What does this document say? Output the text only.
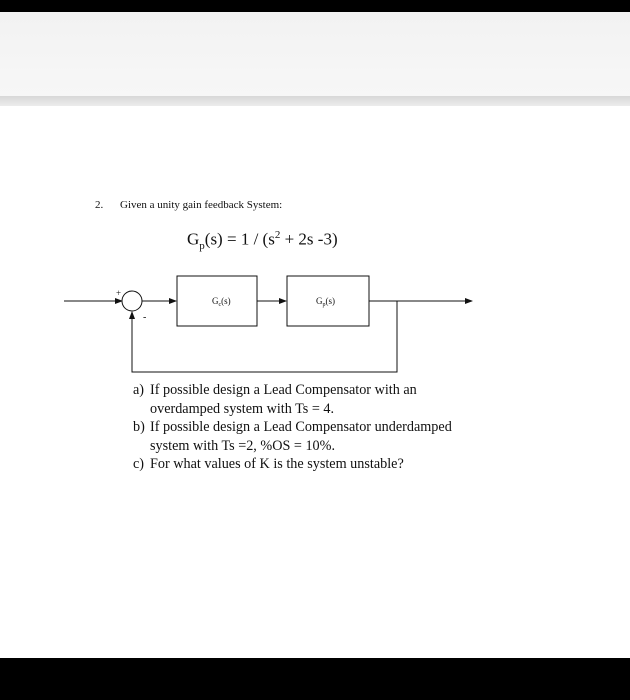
2. Given a unity gain feedback System:
$G_p(s) = 1 / (s^2 + 2s$ -3)
+
-
$G_c(s)$	$G_p(s)$
a) If possible design a Lead Compensator with an
overdamped system with Ts = 4.
b) If possible design a Lead Compensator underdamped
system with Ts =2, %OS = 10%.
c) For what values of K is the system unstable?
